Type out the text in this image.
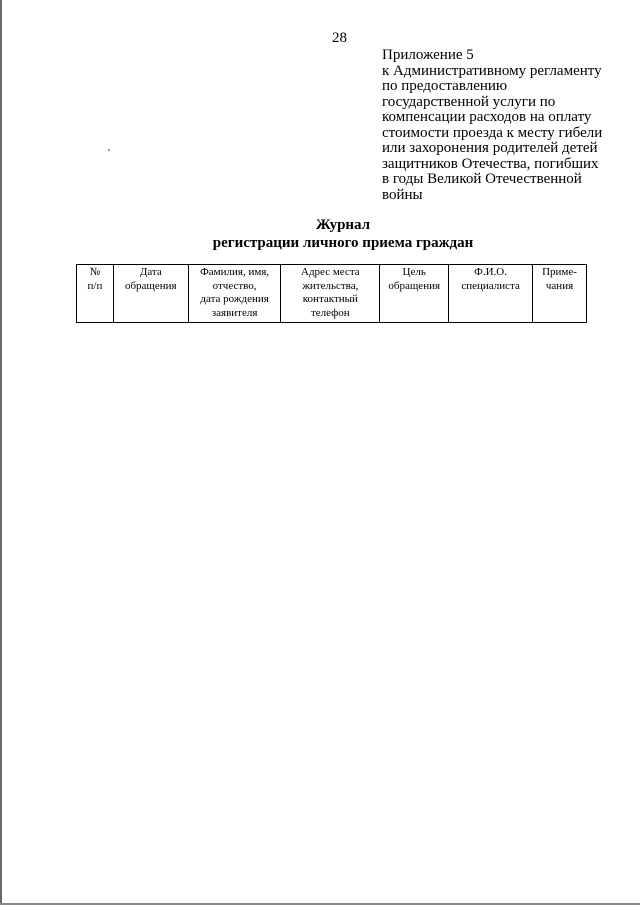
28
Приложение 5
к Административному регламенту
по предоставлению
государственной услуги по
компенсации расходов на оплату
стоимости проезда к месту гибели
или захоронения родителей детей
защитников Отечества, погибших
в годы Великой Отечественной
войны
Журнал
регистрации личного приема граждан
№
п/п

Дата
обращения

Фамилия, имя,
отчество,
дата рождения
заявителя

Адрес места
жительства,
контактный
телефон

Цель
обращения

Ф.И.О.
специалиста

Приме-
чания
